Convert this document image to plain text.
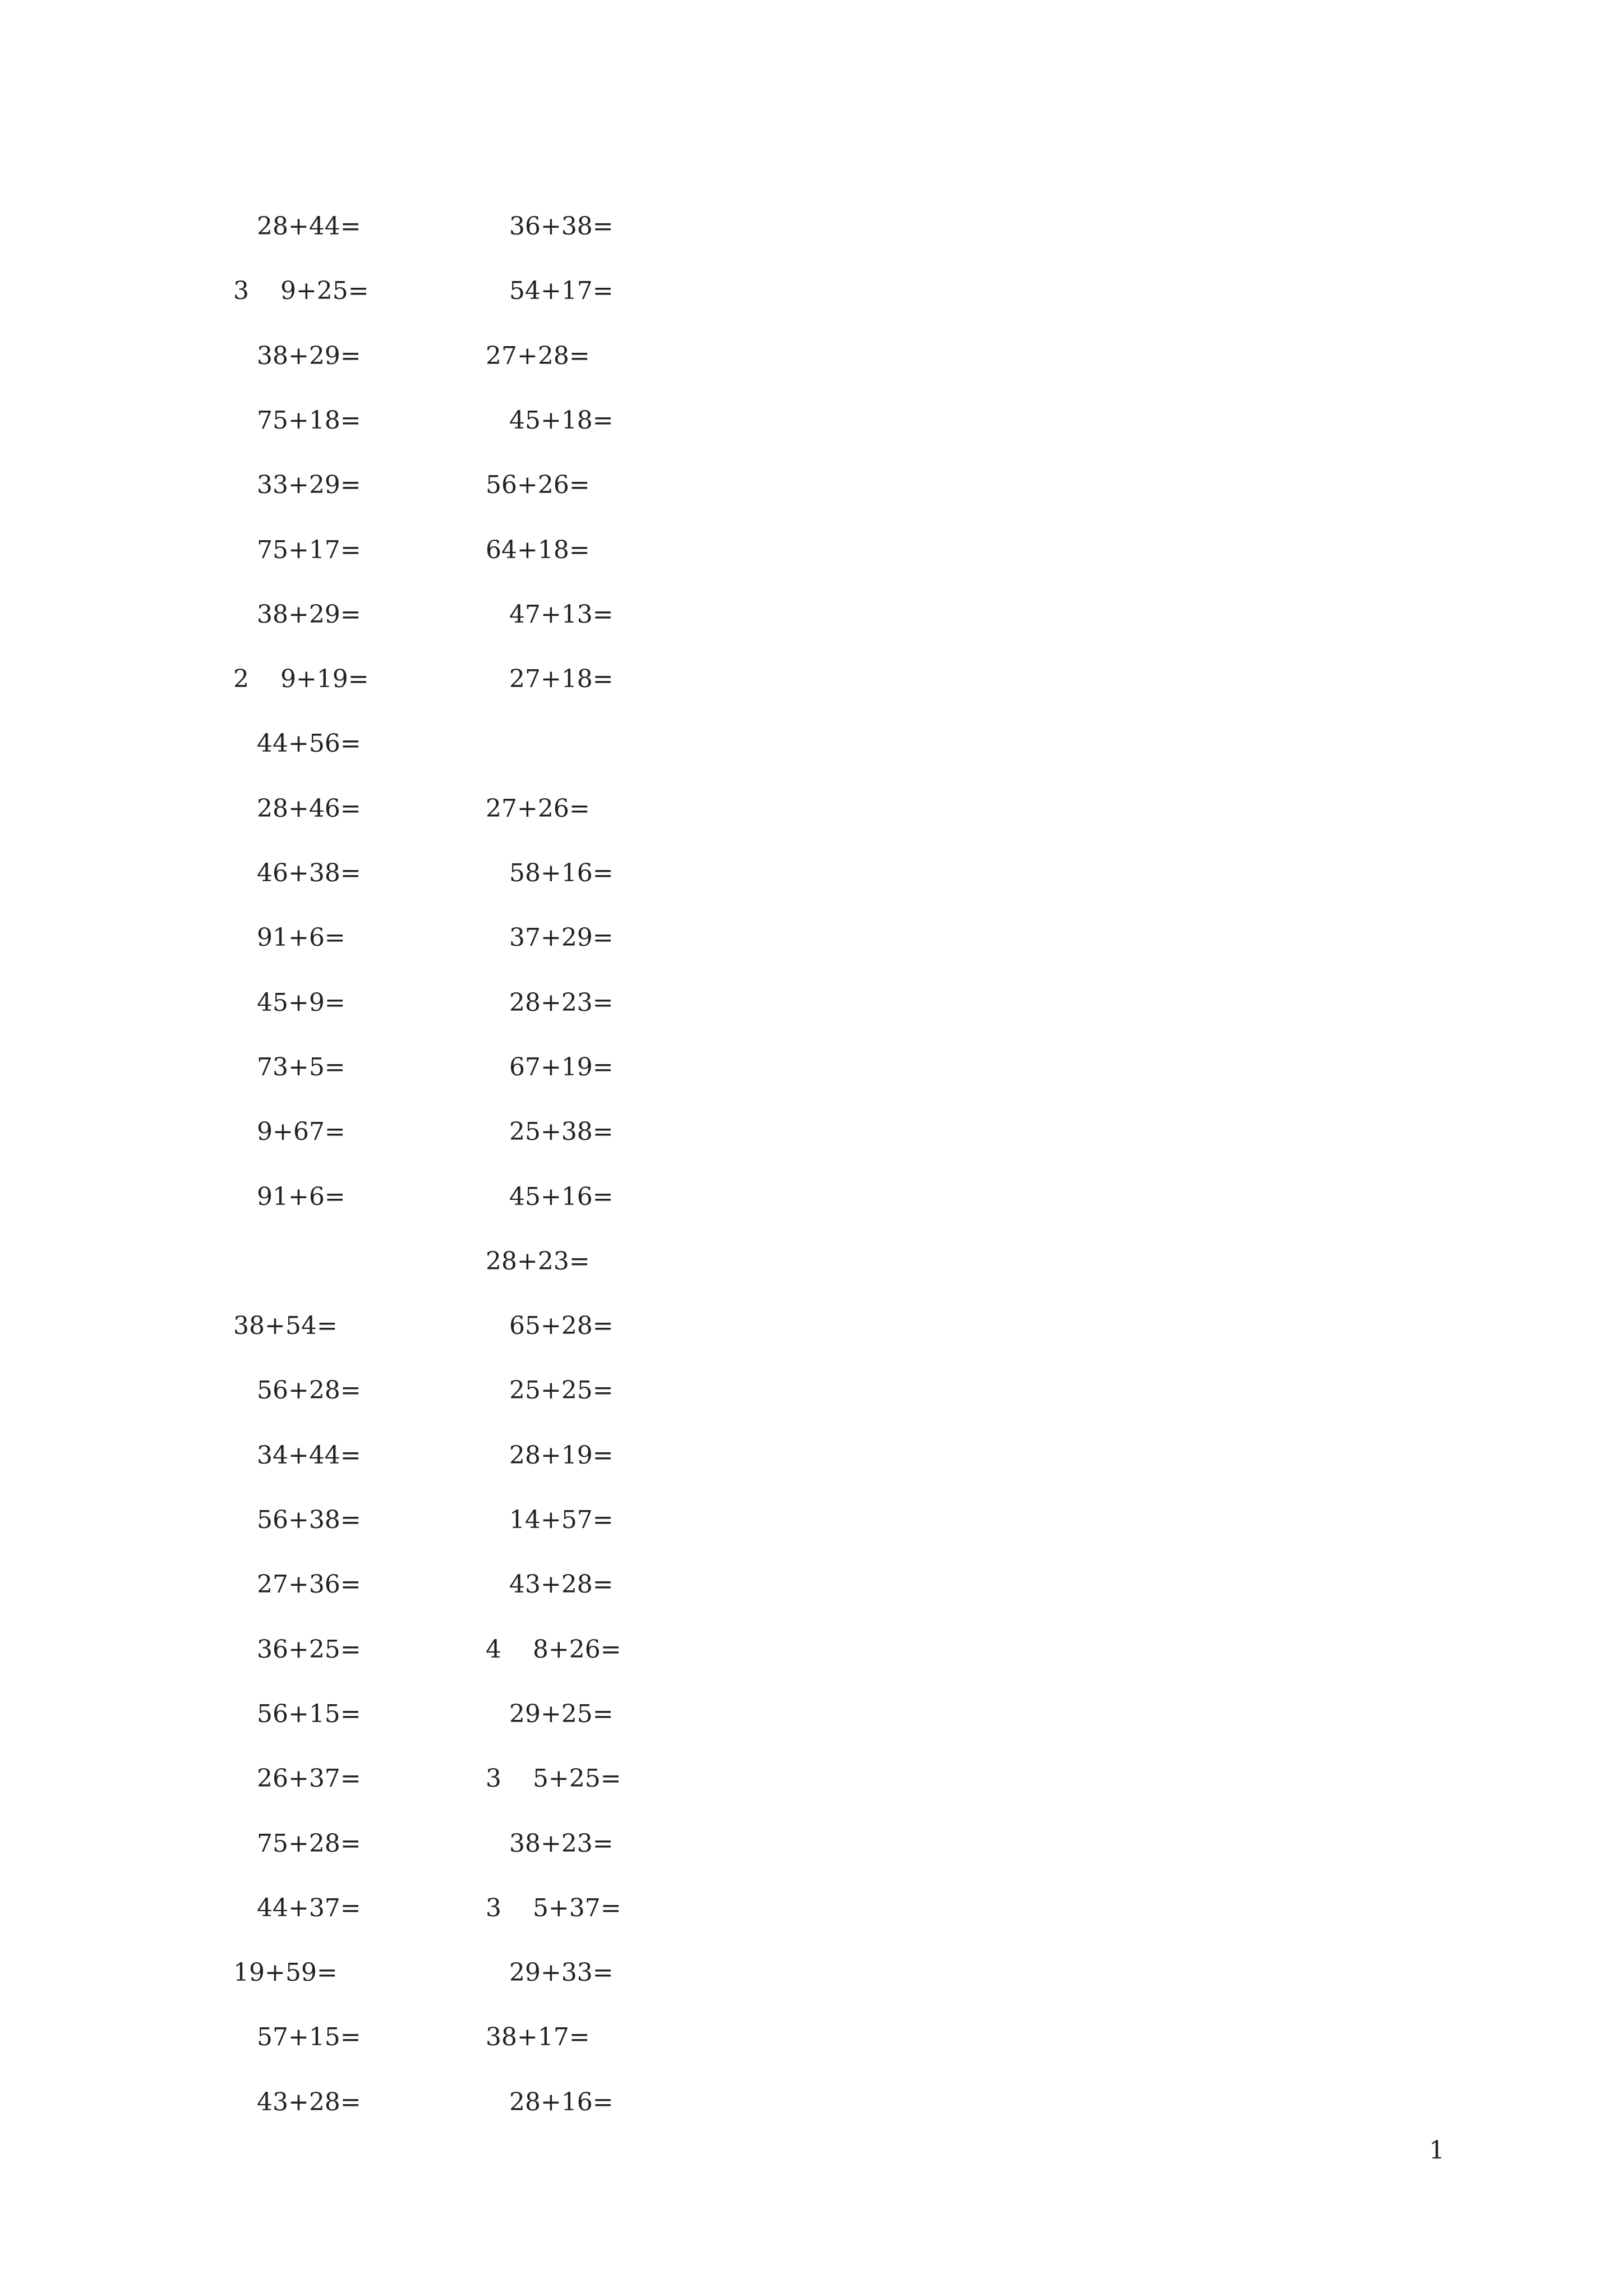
28+44=
3    9+25=
38+29=
75+18=
33+29=
75+17=
38+29=
2    9+19=
44+56=
28+46=
46+38=
91+6=
45+9=
73+5=
9+67=
91+6=
38+54=
56+28=
34+44=
56+38=
27+36=
36+25=
56+15=
26+37=
75+28=
44+37=
19+59=
57+15=
43+28=
36+38=
54+17=
27+28=
45+18=
56+26=
64+18=
47+13=
27+18=
27+26=
58+16=
37+29=
28+23=
67+19=
25+38=
45+16=
28+23=
65+28=
25+25=
28+19=
14+57=
43+28=
4    8+26=
29+25=
3    5+25=
38+23=
3    5+37=
29+33=
38+17=
28+16=
1
